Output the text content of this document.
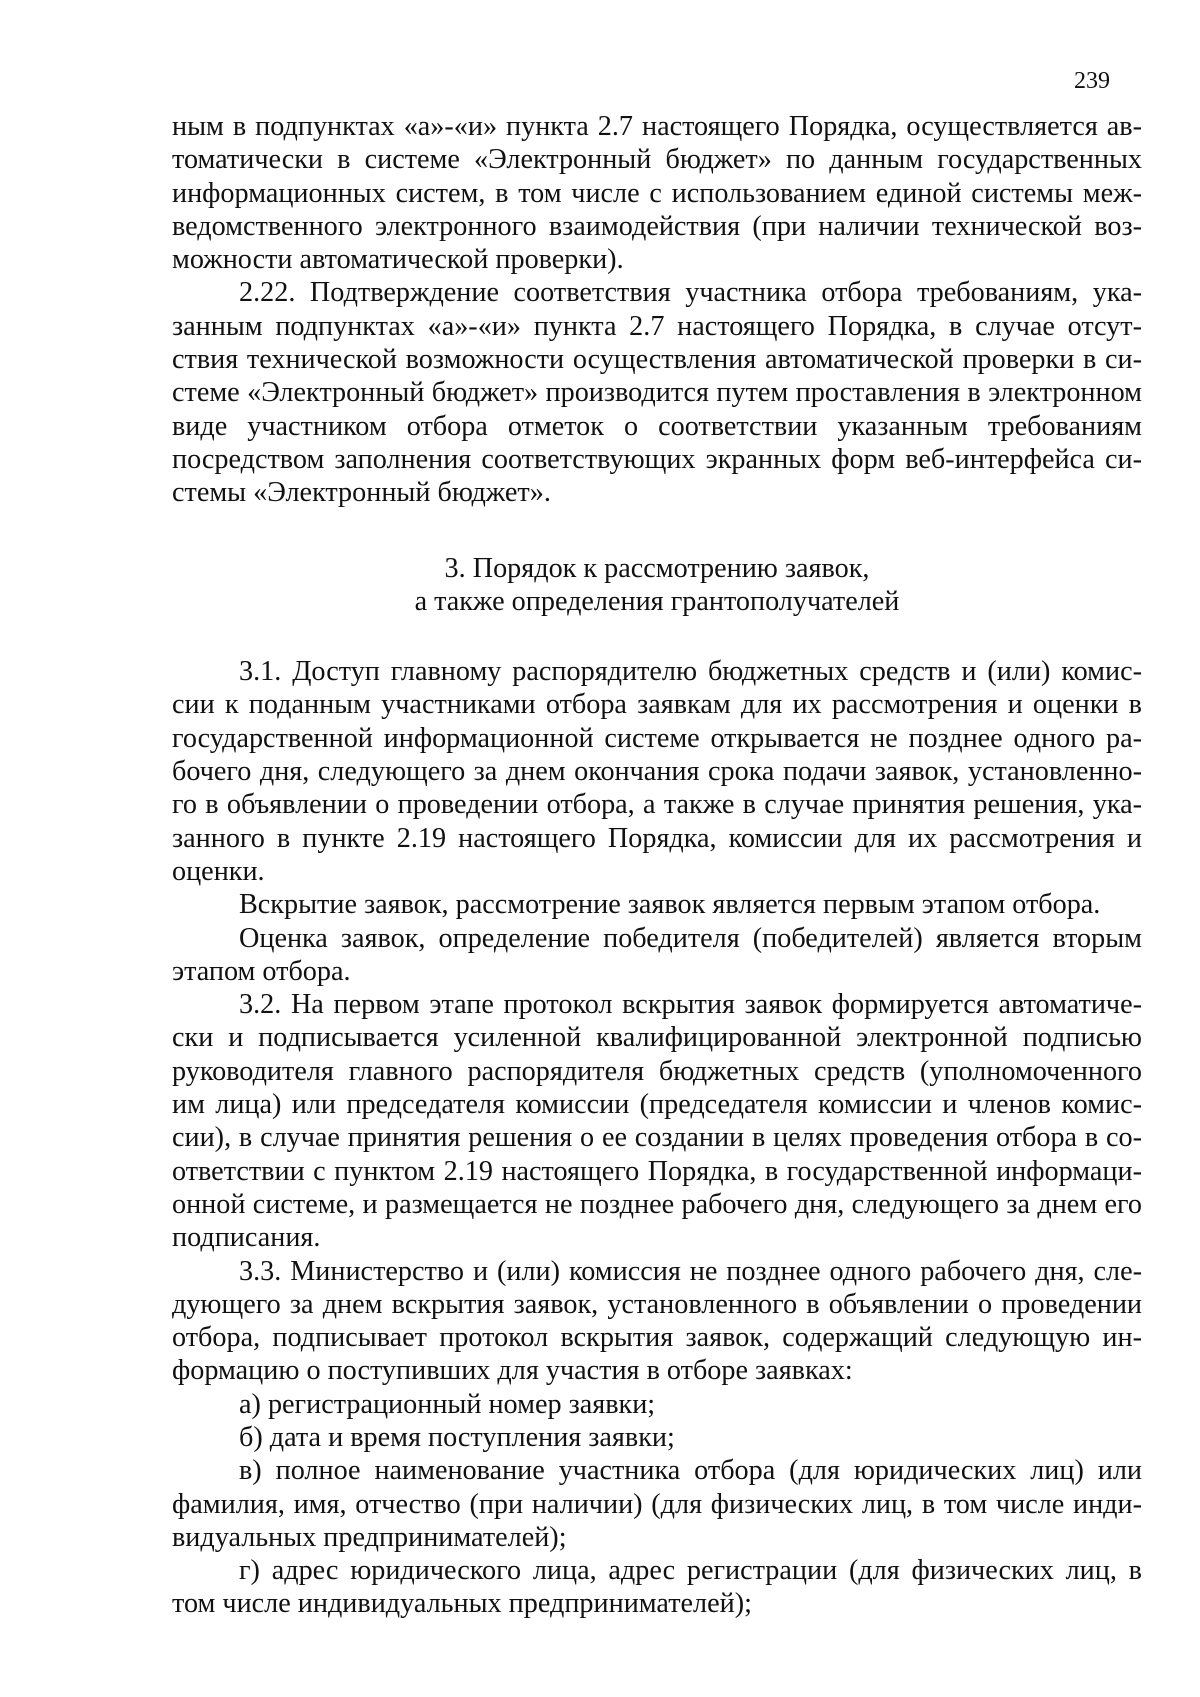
239

ным в подпунктах «а»-«и» пункта 2.7 настоящего Порядка, осуществляется автоматически в системе «Электронный бюджет» по данным государственных информационных систем, в том числе с использованием единой системы межведомственного электронного взаимодействия (при наличии технической возможности автоматической проверки).

2.22. Подтверждение соответствия участника отбора требованиям, указанным подпунктах «а»-«и» пункта 2.7 настоящего Порядка, в случае отсутствия технической возможности осуществления автоматической проверки в системе «Электронный бюджет» производится путем проставления в электронном виде участником отбора отметок о соответствии указанным требованиям посредством заполнения соответствующих экранных форм веб-интерфейса системы «Электронный бюджет».

3. Порядок к рассмотрению заявок,
а также определения грантополучателей

3.1. Доступ главному распорядителю бюджетных средств и (или) комиссии к поданным участниками отбора заявкам для их рассмотрения и оценки в государственной информационной системе открывается не позднее одного рабочего дня, следующего за днем окончания срока подачи заявок, установленного в объявлении о проведении отбора, а также в случае принятия решения, указанного в пункте 2.19 настоящего Порядка, комиссии для их рассмотрения и оценки.

Вскрытие заявок, рассмотрение заявок является первым этапом отбора.

Оценка заявок, определение победителя (победителей) является вторым этапом отбора.

3.2. На первом этапе протокол вскрытия заявок формируется автоматически и подписывается усиленной квалифицированной электронной подписью руководителя главного распорядителя бюджетных средств (уполномоченного им лица) или председателя комиссии (председателя комиссии и членов комиссии), в случае принятия решения о ее создании в целях проведения отбора в соответствии с пунктом 2.19 настоящего Порядка, в государственной информационной системе, и размещается не позднее рабочего дня, следующего за днем его подписания.

3.3. Министерство и (или) комиссия не позднее одного рабочего дня, следующего за днем вскрытия заявок, установленного в объявлении о проведении отбора, подписывает протокол вскрытия заявок, содержащий следующую информацию о поступивших для участия в отборе заявках:

а) регистрационный номер заявки;

б) дата и время поступления заявки;

в) полное наименование участника отбора (для юридических лиц) или фамилия, имя, отчество (при наличии) (для физических лиц, в том числе индивидуальных предпринимателей);

г) адрес юридического лица, адрес регистрации (для физических лиц, в том числе индивидуальных предпринимателей);
